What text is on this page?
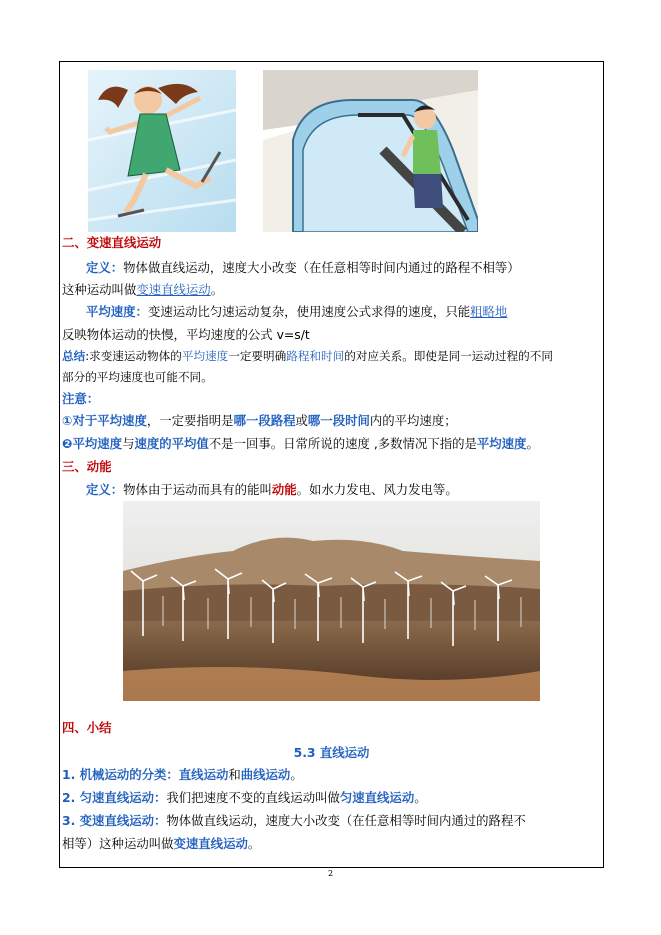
二、变速直线运动
定义：物体做直线运动，速度大小改变（在任意相等时间内通过的路程不相等）
这种运动叫做变速直线运动。
平均速度：变速运动比匀速运动复杂，使用速度公式求得的速度，只能粗略地
反映物体运动的快慢，平均速度的公式 v=s/t
总结:求变速运动物体的平均速度一定要明确路程和时间的对应关系。即使是同一运动过程的不同
部分的平均速度也可能不同。
注意：
①对于平均速度，一定要指明是哪一段路程或哪一段时间内的平均速度；
❷平均速度与速度的平均值不是一回事。日常所说的速度 ,多数情况下指的是平均速度。
三、动能
定义：物体由于运动而具有的能叫动能。如水力发电、风力发电等。
四、小结
5.3 直线运动
1. 机械运动的分类：直线运动和曲线运动。
2. 匀速直线运动：我们把速度不变的直线运动叫做匀速直线运动。
3. 变速直线运动：物体做直线运动，速度大小改变（在任意相等时间内通过的路程不
相等）这种运动叫做变速直线运动。
2
